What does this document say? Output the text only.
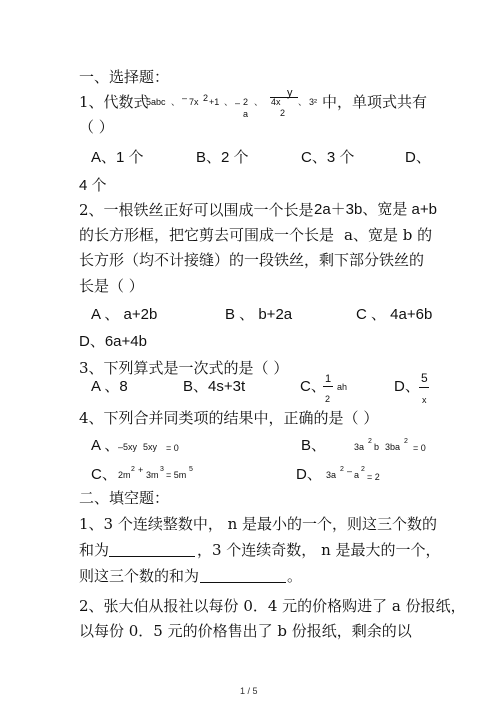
一、选择题：
1、代数式
5abc 、 – 7x 2 +1 、 – 2
a
、 4x
y
2
、 3² 中，单项式共有
（ ）
A、1 个	B、2 个	C、3 个	D、
4 个
2、一根铁丝正好可以围成一个长是 2a＋3b、宽是 a+b
的长方形框，把它剪去可围成一个长是 a、宽是 b 的
长方形（均不计接缝）的一段铁丝，剩下部分铁丝的
长是（ ）
A 、 a+2b	B 、 b+2a	C 、 4a+6b
D、6a+4b
3、下列算式是一次式的是（ ）
A 、8	B、4s+3t	C、 1
2
ah	D、 5
x
4、下列合并同类项的结果中，正确的是（ ）
A 、
–5xy 5xy = 0	B、	3a
2
b 3ba
2
= 0
C、 2m
2 + 3m
3
= 5m
5	D、 3a
2 – a
2
= 2
二、填空题：
1、3 个连续整数中， n 是最小的一个，则这三个数的
和为	，3 个连续奇数， n 是最大的一个，
则这三个数的和为	。
2、张大伯从报社以每份 0．4 元的价格购进了 a 份报纸，
以每份 0．5 元的价格售出了 b 份报纸，剩余的以
1 / 5
